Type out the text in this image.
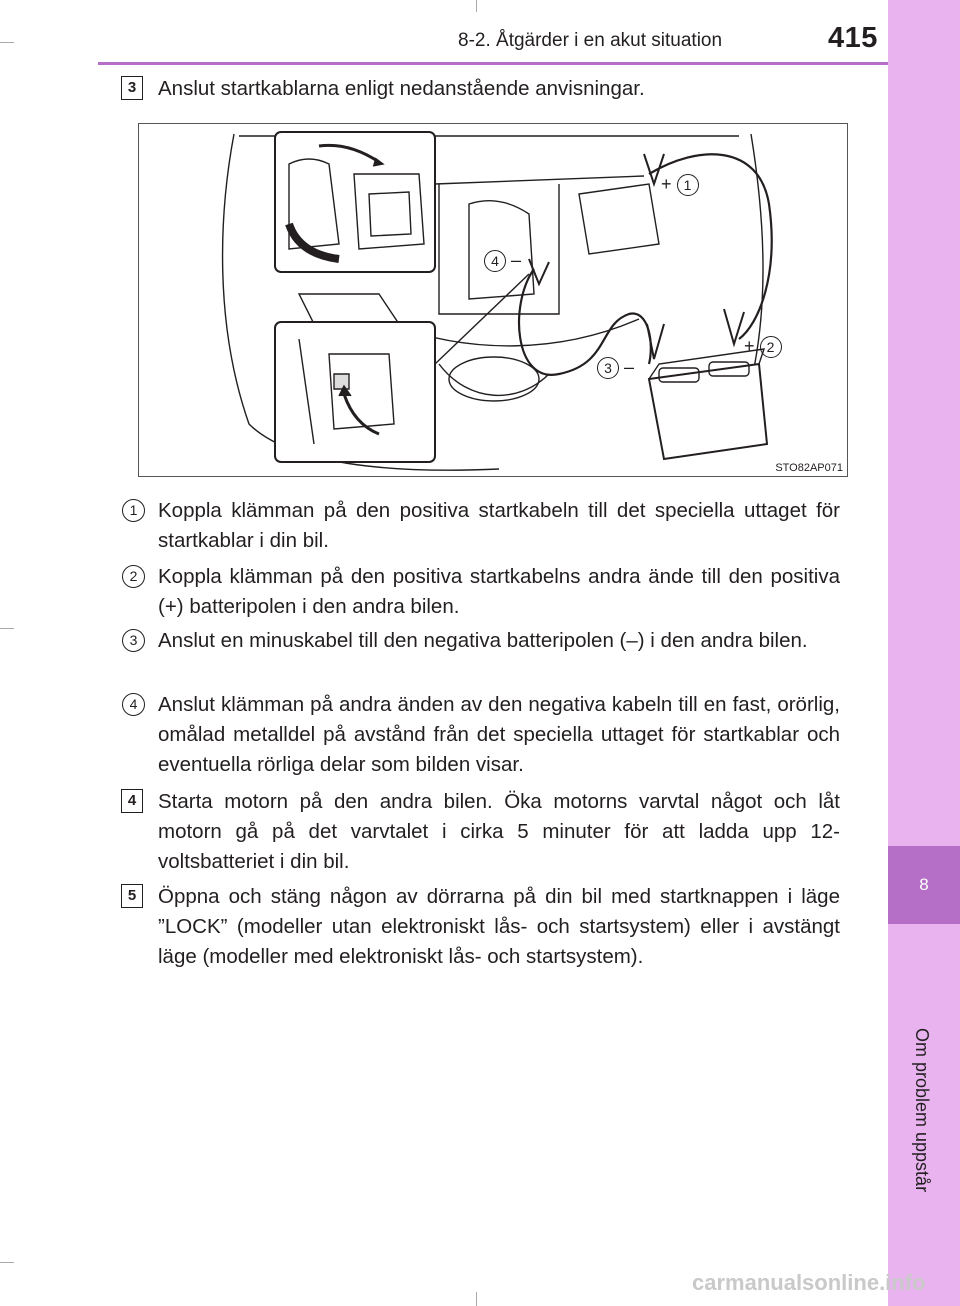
8-2. Åtgärder i en akut situation	415
8
3	Anslut startkablarna enligt nedanstående anvisningar.
+ 1
+ 2
3 –
4 –
STO82AP071
1	Koppla klämman på den positiva startkabeln till det speciella uttaget för startkablar i din bil.
2	Koppla klämman på den positiva startkabelns andra ände till den positiva (+) batteripolen i den andra bilen.
3	Anslut en minuskabel till den negativa batteripolen (–) i den andra bilen.
4	Anslut klämman på andra änden av den negativa kabeln till en fast, orörlig, omålad metalldel på avstånd från det speciella uttaget för startkablar och eventuella rörliga delar som bilden visar.
4	Starta motorn på den andra bilen. Öka motorns varvtal något och låt motorn gå på det varvtalet i cirka 5 minuter för att ladda upp 12-voltsbatteriet i din bil.
5	Öppna och stäng någon av dörrarna på din bil med startknappen i läge ”LOCK” (modeller utan elektroniskt lås- och startsystem) eller i avstängt läge (modeller med elektroniskt lås- och startsystem).
carmanualsonline.info
